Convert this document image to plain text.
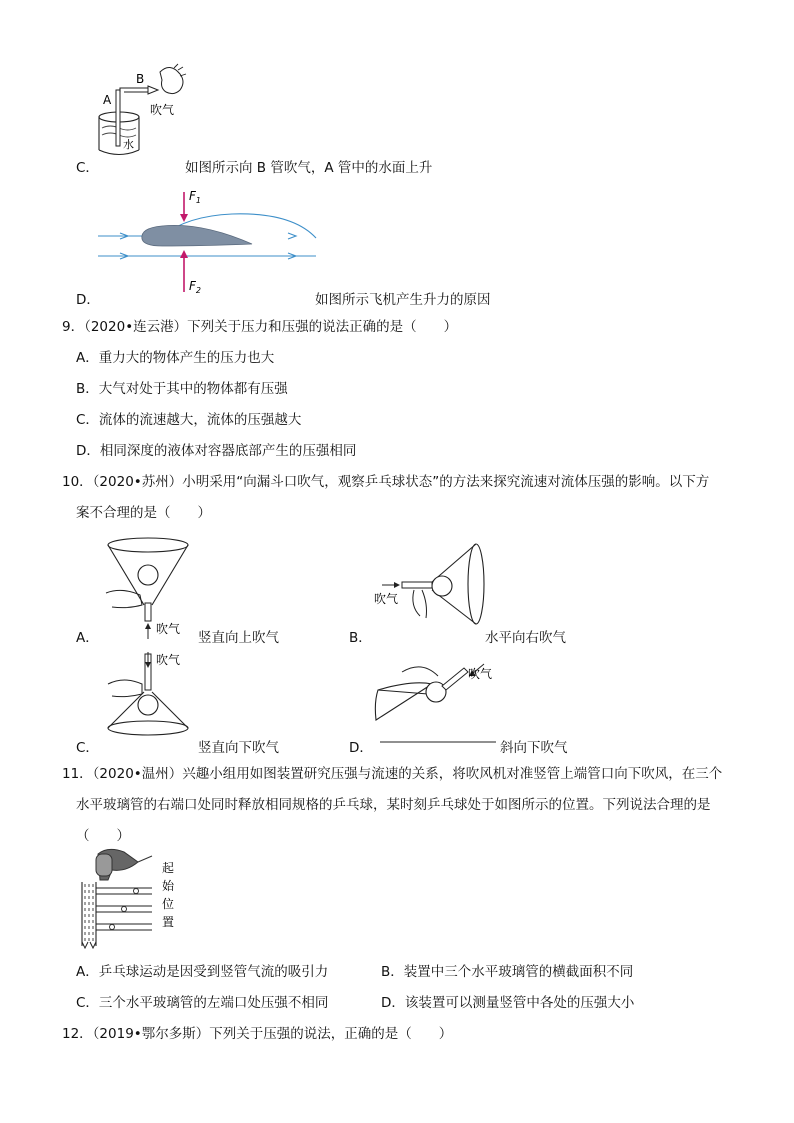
A
B
吹气
水
C．	如图所示向 B 管吹气，A 管中的水面上升
$F_1$
$F_2$
D．	如图所示飞机产生升力的原因
9．（2020•连云港）下列关于压力和压强的说法正确的是（　　）
A．重力大的物体产生的压力也大
B．大气对处于其中的物体都有压强
C．流体的流速越大，流体的压强越大
D．相同深度的液体对容器底部产生的压强相同
10．（2020•苏州）小明采用“向漏斗口吹气，观察乒乓球状态”的方法来探究流速对流体压强的影响。以下方
案不合理的是（　　）
吹气
A．	竖直向上吹气
吹气
B．	水平向右吹气
吹气
C．	竖直向下吹气
吹气
D．	斜向下吹气
11．（2020•温州）兴趣小组用如图装置研究压强与流速的关系，将吹风机对准竖管上端管口向下吹风，在三个
水平玻璃管的右端口处同时释放相同规格的乒乓球，某时刻乒乓球处于如图所示的位置。下列说法合理的是
（　　）
起
始
位
置
A．乒乓球运动是因受到竖管气流的吸引力	B．装置中三个水平玻璃管的横截面积不同
C．三个水平玻璃管的左端口处压强不相同	D．该装置可以测量竖管中各处的压强大小
12．（2019•鄂尔多斯）下列关于压强的说法，正确的是（　　）
